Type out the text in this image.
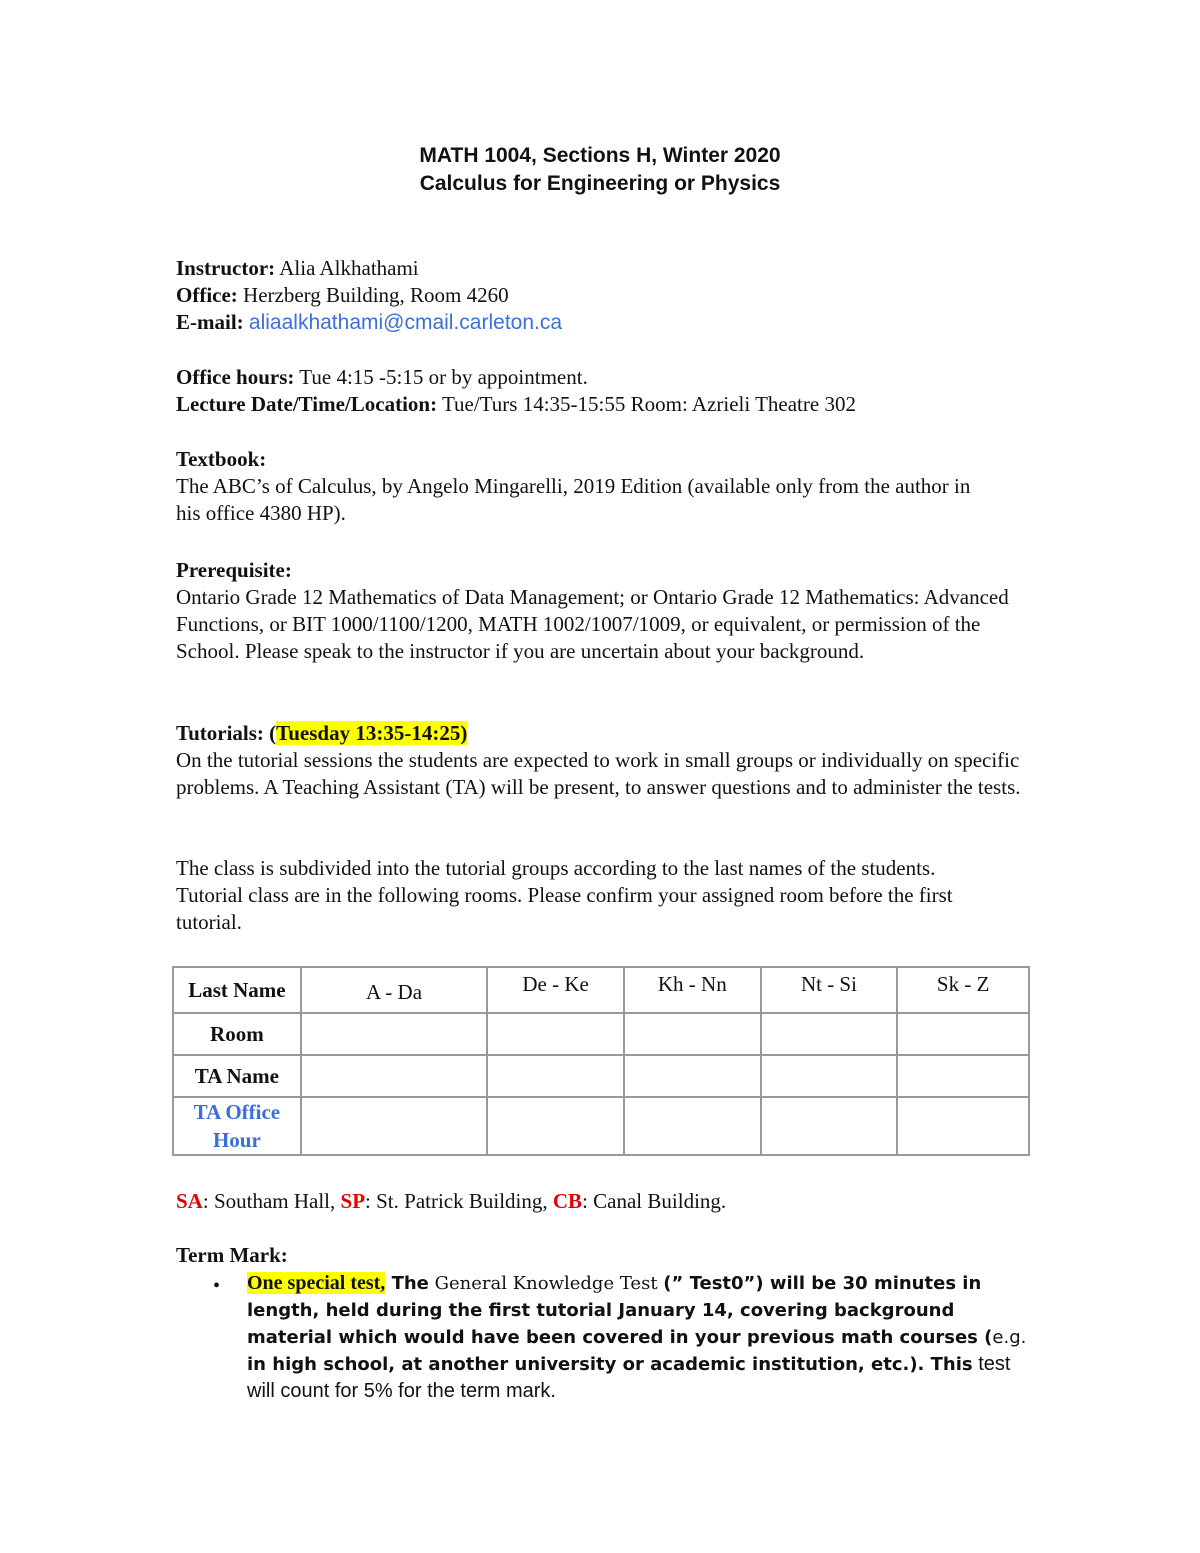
MATH 1004, Sections H, Winter 2020
Calculus for Engineering or Physics
Instructor: Alia Alkhathami
Office: Herzberg Building, Room 4260
E-mail: aliaalkhathami@cmail.carleton.ca
Office hours: Tue 4:15 -5:15 or by appointment.
Lecture Date/Time/Location: Tue/Turs 14:35-15:55 Room: Azrieli Theatre 302
Textbook:
The ABC’s of Calculus, by Angelo Mingarelli, 2019 Edition (available only from the author in his office 4380 HP).
Prerequisite:
Ontario Grade 12 Mathematics of Data Management; or Ontario Grade 12 Mathematics: Advanced Functions, or BIT 1000/1100/1200, MATH 1002/1007/1009, or equivalent, or permission of the School. Please speak to the instructor if you are uncertain about your background.
Tutorials: (Tuesday 13:35-14:25)
On the tutorial sessions the students are expected to work in small groups or individually on specific problems. A Teaching Assistant (TA) will be present, to answer questions and to administer the tests.
The class is subdivided into the tutorial groups according to the last names of the students. Tutorial class are in the following rooms. Please confirm your assigned room before the first tutorial.
Last Name	A - Da	De - Ke	Kh - Nn	Nt - Si	Sk - Z
Room					
TA Name					
TA Office Hour					
SA: Southam Hall, SP: St. Patrick Building, CB: Canal Building.
Term Mark:
• One special test, The General Knowledge Test (” Test0”) will be 30 minutes in length, held during the first tutorial January 14, covering background material which would have been covered in your previous math courses (e.g. in high school, at another university or academic institution, etc.). This test will count for 5% for the term mark.
